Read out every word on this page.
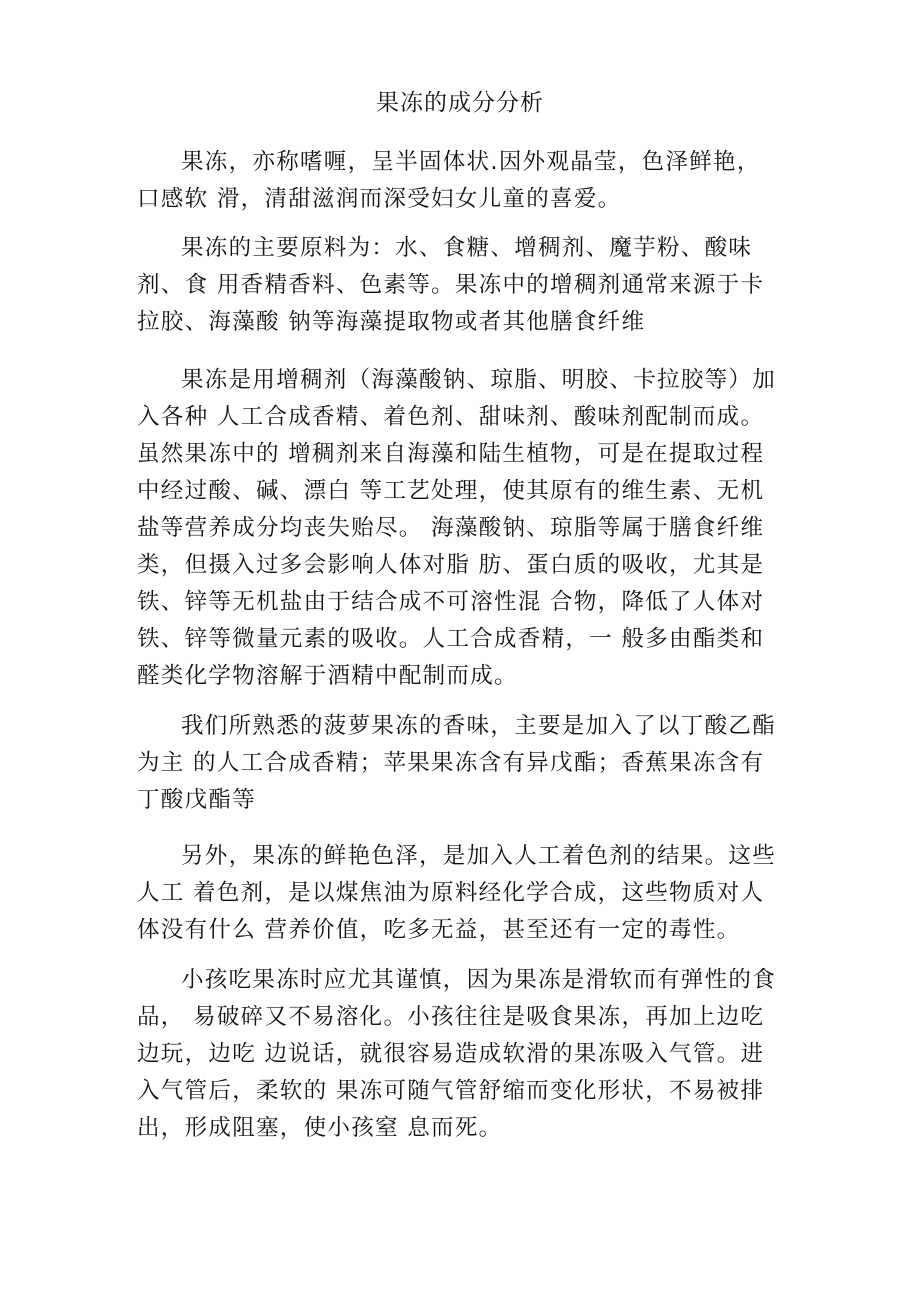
果冻的成分分析
果冻，亦称嗜喱，呈半固体状.因外观晶莹，色泽鲜艳，
口感软 滑，清甜滋润而深受妇女儿童的喜爱。
果冻的主要原料为：水、食糖、增稠剂、魔芋粉、酸味
剂、食 用香精香料、色素等。果冻中的增稠剂通常来源于卡
拉胶、海藻酸 钠等海藻提取物或者其他膳食纤维
果冻是用增稠剂（海藻酸钠、琼脂、明胶、卡拉胶等）加
入各种 人工合成香精、着色剂、甜味剂、酸味剂配制而成。
虽然果冻中的 增稠剂来自海藻和陆生植物，可是在提取过程
中经过酸、碱、漂白 等工艺处理，使其原有的维生素、无机
盐等营养成分均丧失贻尽。 海藻酸钠、琼脂等属于膳食纤维
类，但摄入过多会影响人体对脂 肪、蛋白质的吸收，尤其是
铁、锌等无机盐由于结合成不可溶性混 合物，降低了人体对
铁、锌等微量元素的吸收。人工合成香精，一 般多由酯类和
醛类化学物溶解于酒精中配制而成。
我们所熟悉的菠萝果冻的香味，主要是加入了以丁酸乙酯
为主 的人工合成香精；苹果果冻含有异戊酯；香蕉果冻含有
丁酸戊酯等
另外，果冻的鲜艳色泽，是加入人工着色剂的结果。这些
人工 着色剂，是以煤焦油为原料经化学合成，这些物质对人
体没有什么 营养价值，吃多无益，甚至还有一定的毒性。
小孩吃果冻时应尤其谨慎，因为果冻是滑软而有弹性的食
品， 易破碎又不易溶化。小孩往往是吸食果冻，再加上边吃
边玩，边吃 边说话，就很容易造成软滑的果冻吸入气管。进
入气管后，柔软的 果冻可随气管舒缩而变化形状，不易被排
出，形成阻塞，使小孩窒 息而死。
